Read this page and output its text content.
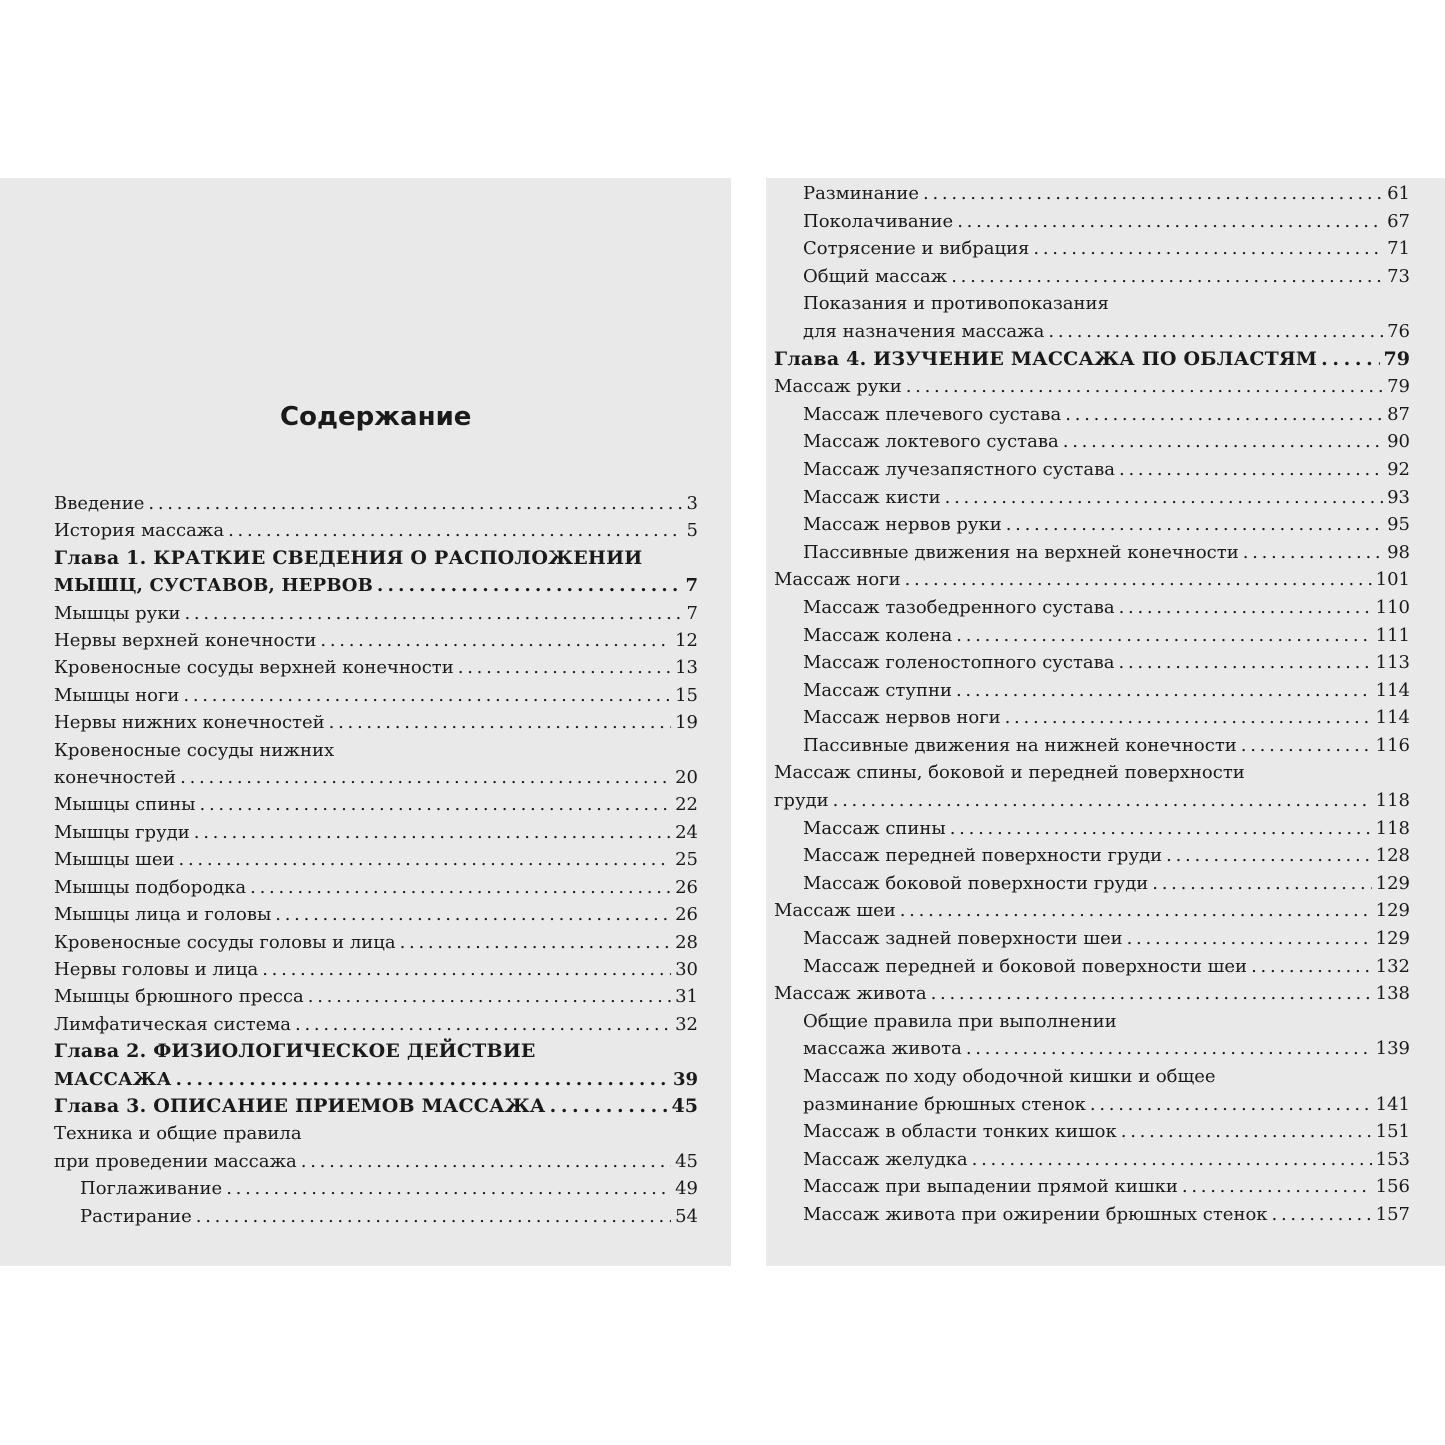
Содержание
Введение . . .	3
История массажа . . .	5
Глава 1. КРАТКИЕ СВЕДЕНИЯ О РАСПОЛОЖЕНИИ
МЫШЦ, СУСТАВОВ, НЕРВОВ . . .	7
Мышцы руки . . .	7
Нервы верхней конечности . . .	12
Кровеносные сосуды верхней конечности . . .	13
Мышцы ноги . . .	15
Нервы нижних конечностей . . .	19
Кровеносные сосуды нижних
конечностей . . .	20
Мышцы спины . . .	22
Мышцы груди . . .	24
Мышцы шеи . . .	25
Мышцы подбородка . . .	26
Мышцы лица и головы . . .	26
Кровеносные сосуды головы и лица . . .	28
Нервы головы и лица . . .	30
Мышцы брюшного пресса . . .	31
Лимфатическая система . . .	32
Глава 2. ФИЗИОЛОГИЧЕСКОЕ ДЕЙСТВИЕ
МАССАЖА . . .	39
Глава 3. ОПИСАНИЕ ПРИЕМОВ МАССАЖА . . .	45
Техника и общие правила
при проведении массажа . . .	45
Поглаживание . . .	49
Растирание . . .	54
Разминание . . .	61
Поколачивание . . .	67
Сотрясение и вибрация . . .	71
Общий массаж . . .	73
Показания и противопоказания
для назначения массажа . . .	76
Глава 4. ИЗУЧЕНИЕ МАССАЖА ПО ОБЛАСТЯМ . . .	79
Массаж руки . . .	79
Массаж плечевого сустава . . .	87
Массаж локтевого сустава . . .	90
Массаж лучезапястного сустава . . .	92
Массаж кисти . . .	93
Массаж нервов руки . . .	95
Пассивные движения на верхней конечности . . .	98
Массаж ноги . . .	101
Массаж тазобедренного сустава . . .	110
Массаж колена . . .	111
Массаж голеностопного сустава . . .	113
Массаж ступни . . .	114
Массаж нервов ноги . . .	114
Пассивные движения на нижней конечности . . .	116
Массаж спины, боковой и передней поверхности
груди . . .	118
Массаж спины . . .	118
Массаж передней поверхности груди . . .	128
Массаж боковой поверхности груди . . .	129
Массаж шеи . . .	129
Массаж задней поверхности шеи . . .	129
Массаж передней и боковой поверхности шеи . . .	132
Массаж живота . . .	138
Общие правила при выполнении
массажа живота . . .	139
Массаж по ходу ободочной кишки и общее
разминание брюшных стенок . . .	141
Массаж в области тонких кишок . . .	151
Массаж желудка . . .	153
Массаж при выпадении прямой кишки . . .	156
Массаж живота при ожирении брюшных стенок . . .	157
